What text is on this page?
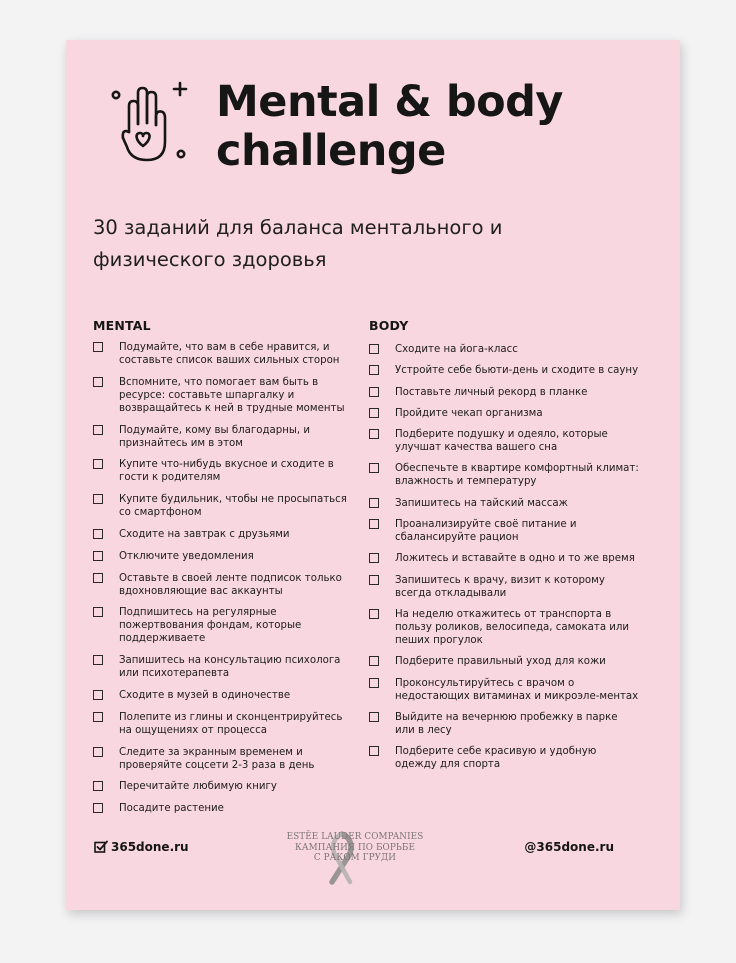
Mental & body
challenge

30 заданий для баланса ментального и физического здоровья

MENTAL
Подумайте, что вам в себе нравится, и составьте список ваших сильных сторон
Вспомните, что помогает вам быть в ресурсе: составьте шпаргалку и возвращайтесь к ней в трудные моменты
Подумайте, кому вы благодарны, и признайтесь им в этом
Купите что-нибудь вкусное и сходите в гости к родителям
Купите будильник, чтобы не просыпаться со смартфоном
Сходите на завтрак с друзьями
Отключите уведомления
Оставьте в своей ленте подписок только вдохновляющие вас аккаунты
Подпишитесь на регулярные пожертвования фондам, которые поддерживаете
Запишитесь на консультацию психолога или психотерапевта
Сходите в музей в одиночестве
Полепите из глины и сконцентрируйтесь на ощущениях от процесса
Следите за экранным временем и проверяйте соцсети 2-3 раза в день
Перечитайте любимую книгу
Посадите растение
BODY
Сходите на йога-класс
Устройте себе бьюти-день и сходите в сауну
Поставьте личный рекорд в планке
Пройдите чекап организма
Подберите подушку и одеяло, которые улучшат качества вашего сна
Обеспечьте в квартире комфортный климат: влажность и температуру
Запишитесь на тайский массаж
Проанализируйте своё питание и сбалансируйте рацион
Ложитесь и вставайте в одно и то же время
Запишитесь к врачу, визит к которому всегда откладывали
На неделю откажитесь от транспорта в пользу роликов, велосипеда, самоката или пеших прогулок
Подберите правильный уход для кожи
Проконсультируйтесь с врачом о недостающих витаминах и микроэле-ментах
Выйдите на вечернюю пробежку в парке или в лесу
Подберите себе красивую и удобную одежду для спорта
365done.ru
ESTĒE LAUDER COMPANIES
КАМПАНИЯ ПО БОРЬБЕ
С РАКОМ ГРУДИ
@365done.ru
